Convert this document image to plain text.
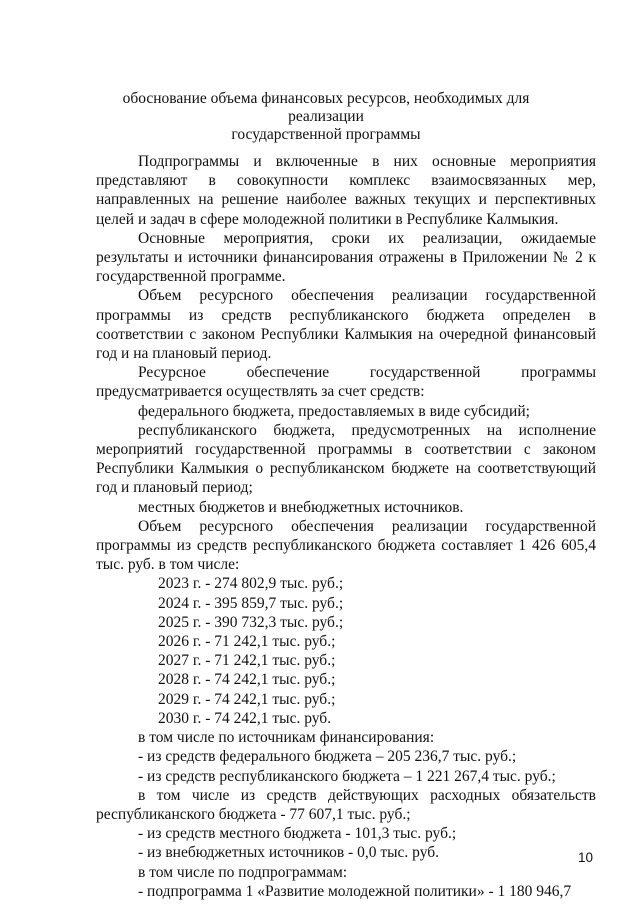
обоснование объема финансовых ресурсов, необходимых для реализации
государственной программы

Подпрограммы и включенные в них основные мероприятия представляют в совокупности комплекс взаимосвязанных мер, направленных на решение наиболее важных текущих и перспективных целей и задач в сфере молодежной политики в Республике Калмыкия.

Основные мероприятия, сроки их реализации, ожидаемые результаты и источники финансирования отражены в Приложении № 2 к государственной программе.

Объем ресурсного обеспечения реализации государственной программы из средств республиканского бюджета определен в соответствии с законом Республики Калмыкия на очередной финансовый год и на плановый период.

Ресурсное обеспечение государственной программы предусматривается осуществлять за счет средств:

федерального бюджета, предоставляемых в виде субсидий;

республиканского бюджета, предусмотренных на исполнение мероприятий государственной программы в соответствии с законом Республики Калмыкия о республиканском бюджете на соответствующий год и плановый период;

местных бюджетов и внебюджетных источников.

Объем ресурсного обеспечения реализации государственной программы из средств республиканского бюджета составляет 1 426 605,4 тыс. руб. в том числе:

2023 г. - 274 802,9 тыс. руб.;

2024 г. - 395 859,7 тыс. руб.;

2025 г. - 390 732,3 тыс. руб.;

2026 г. - 71 242,1 тыс. руб.;

2027 г. - 71 242,1 тыс. руб.;

2028 г. - 74 242,1 тыс. руб.;

2029 г. - 74 242,1 тыс. руб.;

2030 г. - 74 242,1 тыс. руб.

в том числе по источникам финансирования:

- из средств федерального бюджета – 205 236,7 тыс. руб.;

- из средств республиканского бюджета – 1 221 267,4 тыс. руб.;

в том числе из средств действующих расходных обязательств республиканского бюджета - 77 607,1 тыс. руб.;

- из средств местного бюджета - 101,3 тыс. руб.;

- из внебюджетных источников - 0,0 тыс. руб.

в том числе по подпрограммам:

- подпрограмма 1 «Развитие молодежной политики» - 1 180 946,7

10
